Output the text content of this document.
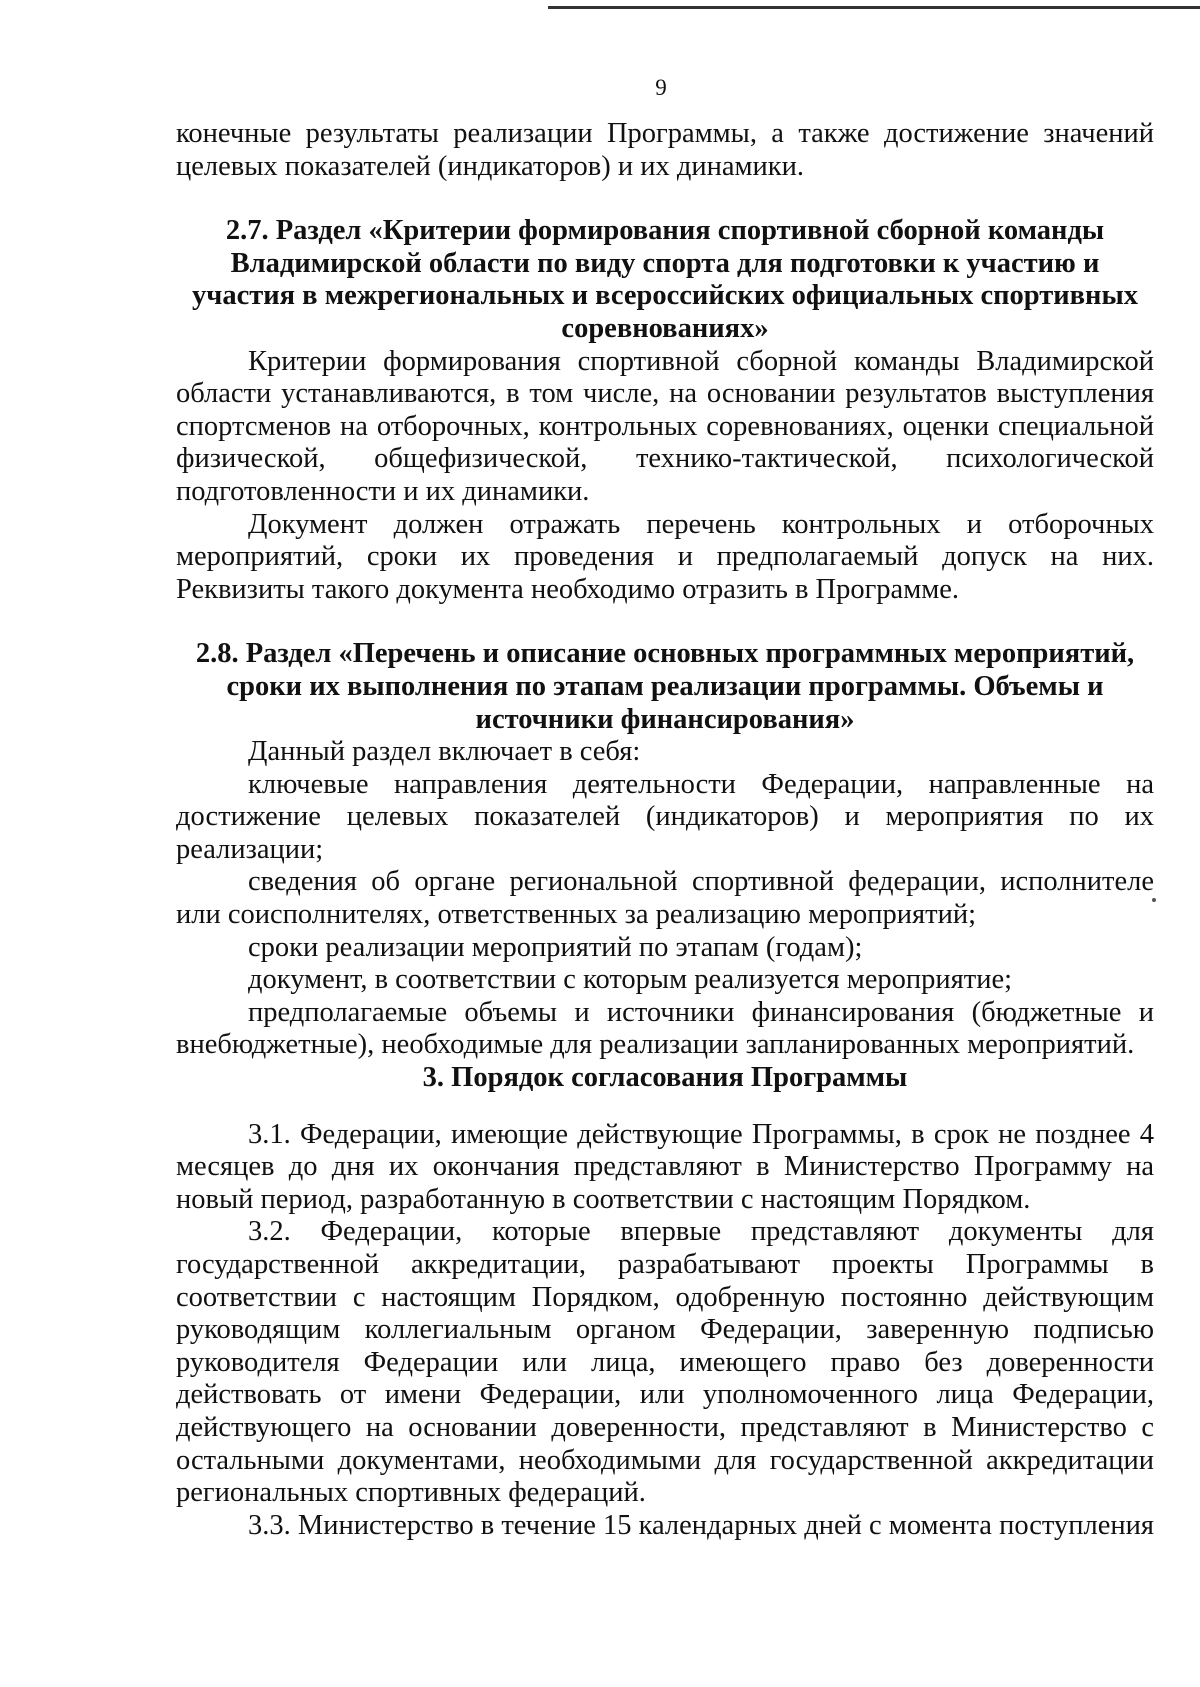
9

конечные результаты реализации Программы, а также достижение значений

целевых показателей (индикаторов) и их динамики.

2.7. Раздел «Критерии формирования спортивной сборной команды Владимирской области по виду спорта для подготовки к участию и участия в межрегиональных и всероссийских официальных спортивных соревнованиях»

Критерии формирования спортивной сборной команды Владимирской области устанавливаются, в том числе, на основании результатов выступления спортсменов на отборочных, контрольных соревнованиях, оценки специальной физической, общефизической, технико-тактической, психологической подготовленности и их динамики.

Документ должен отражать перечень контрольных и отборочных мероприятий, сроки их проведения и предполагаемый допуск на них. Реквизиты такого документа необходимо отразить в Программе.

2.8. Раздел «Перечень и описание основных программных мероприятий, сроки их выполнения по этапам реализации программы. Объемы и источники финансирования»

Данный раздел включает в себя:

ключевые направления деятельности Федерации, направленные на достижение целевых показателей (индикаторов) и мероприятия по их реализации;

сведения об органе региональной спортивной федерации, исполнителе или соисполнителях, ответственных за реализацию мероприятий;

сроки реализации мероприятий по этапам (годам);

документ, в соответствии с которым реализуется мероприятие;

предполагаемые объемы и источники финансирования (бюджетные и внебюджетные), необходимые для реализации запланированных мероприятий.

3. Порядок согласования Программы

3.1. Федерации, имеющие действующие Программы, в срок не позднее 4 месяцев до дня их окончания представляют в Министерство Программу на новый период, разработанную в соответствии с настоящим Порядком.

3.2. Федерации, которые впервые представляют документы для государственной аккредитации, разрабатывают проекты Программы в соответствии с настоящим Порядком, одобренную постоянно действующим руководящим коллегиальным органом Федерации, заверенную подписью руководителя Федерации или лица, имеющего право без доверенности действовать от имени Федерации, или уполномоченного лица Федерации, действующего на основании доверенности, представляют в Министерство с остальными документами, необходимыми для государственной аккредитации региональных спортивных федераций.

3.3. Министерство в течение 15 календарных дней с момента поступления
